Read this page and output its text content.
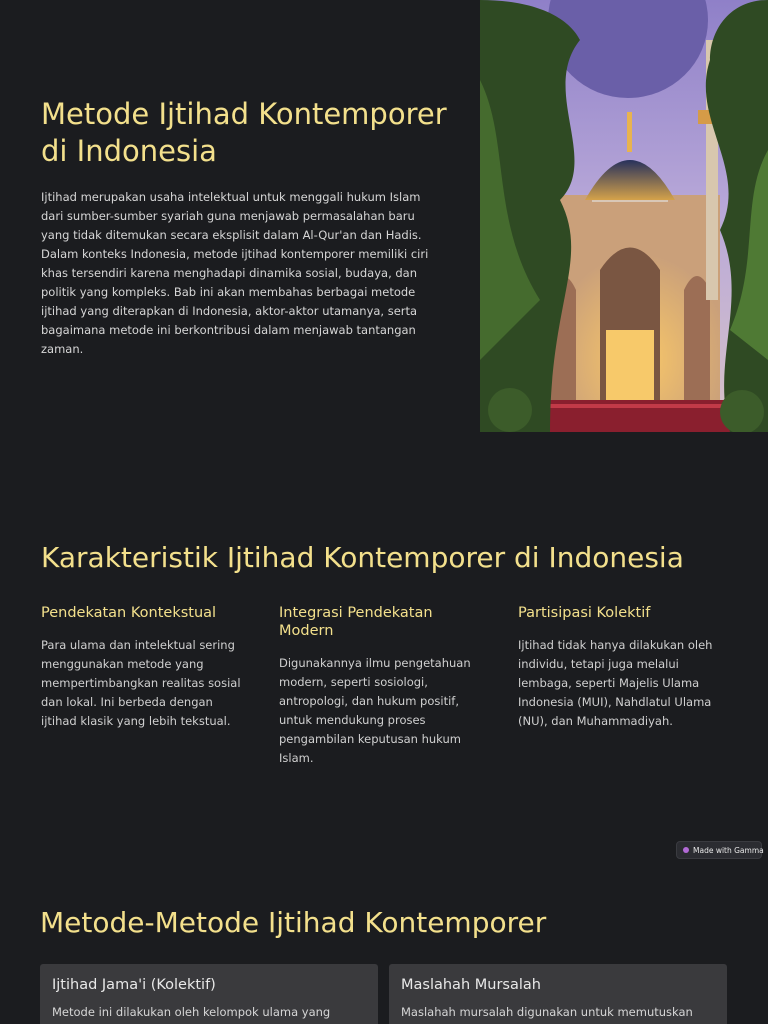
Metode Ijtihad Kontemporer di Indonesia

Ijtihad merupakan usaha intelektual untuk menggali hukum Islam dari sumber-sumber syariah guna menjawab permasalahan baru yang tidak ditemukan secara eksplisit dalam Al-Qur'an dan Hadis. Dalam konteks Indonesia, metode ijtihad kontemporer memiliki ciri khas tersendiri karena menghadapi dinamika sosial, budaya, dan politik yang kompleks. Bab ini akan membahas berbagai metode ijtihad yang diterapkan di Indonesia, aktor-aktor utamanya, serta bagaimana metode ini berkontribusi dalam menjawab tantangan zaman.

Karakteristik Ijtihad Kontemporer di Indonesia
Pendekatan Kontekstual

Para ulama dan intelektual sering menggunakan metode yang mempertimbangkan realitas sosial dan lokal. Ini berbeda dengan ijtihad klasik yang lebih tekstual.

Integrasi Pendekatan Modern

Digunakannya ilmu pengetahuan modern, seperti sosiologi, antropologi, dan hukum positif, untuk mendukung proses pengambilan keputusan hukum Islam.

Partisipasi Kolektif

Ijtihad tidak hanya dilakukan oleh individu, tetapi juga melalui lembaga, seperti Majelis Ulama Indonesia (MUI), Nahdlatul Ulama (NU), dan Muhammadiyah.

Made with Gamma
Metode-Metode Ijtihad Kontemporer
Ijtihad Jama'i (Kolektif)

Metode ini dilakukan oleh kelompok ulama yang

Maslahah Mursalah

Maslahah mursalah digunakan untuk memutuskan
